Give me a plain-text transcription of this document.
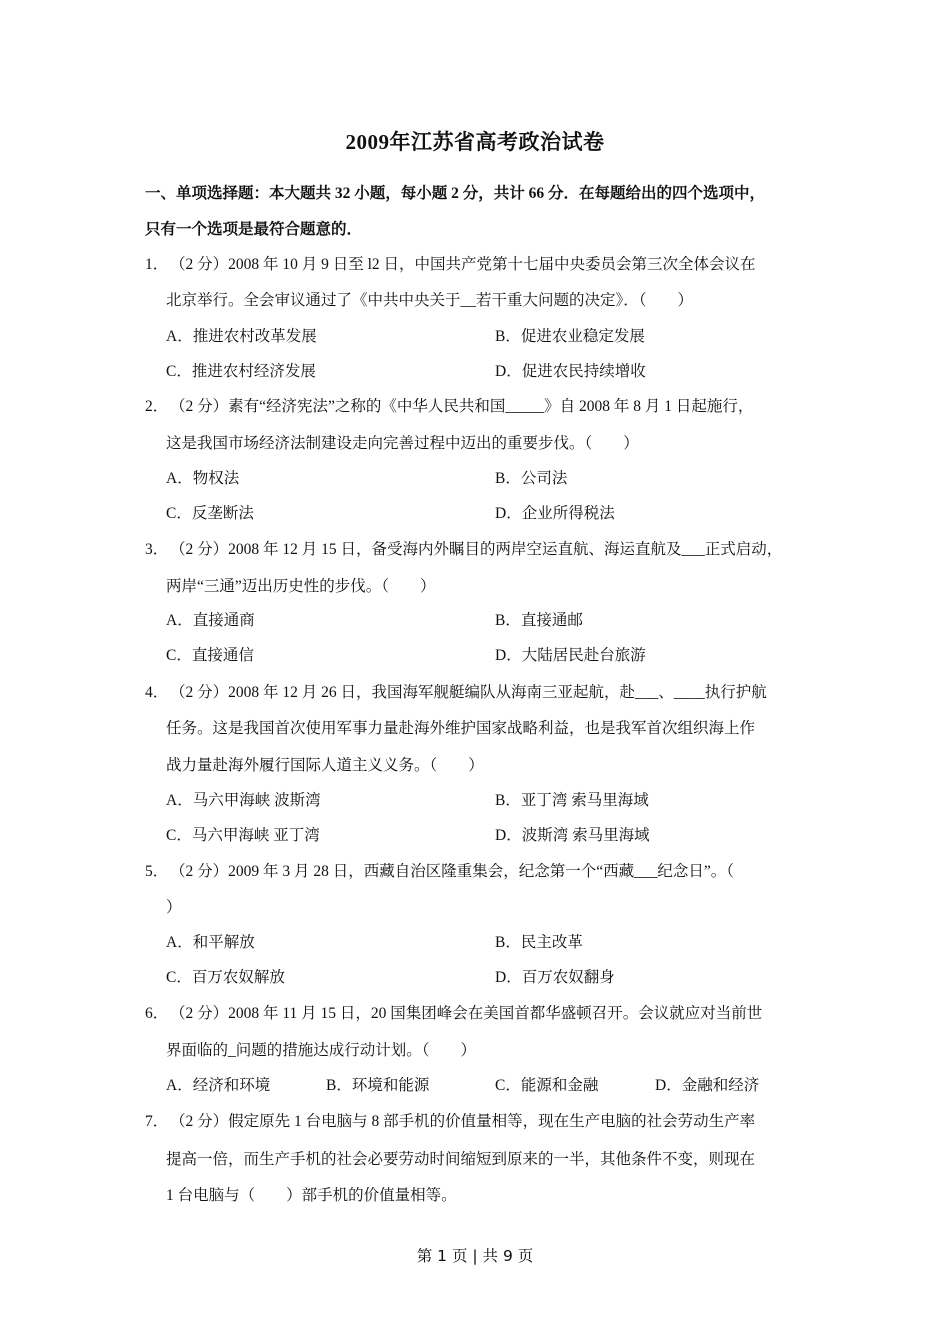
2009年江苏省高考政治试卷
一、单项选择题：本大题共 32 小题，每小题 2 分，共计 66 分．在每题给出的四个选项中，
只有一个选项是最符合题意的．
1． （2 分）2008 年 10 月 9 日至 l2 日，中国共产党第十七届中央委员会第三次全体会议在
北京举行。全会审议通过了《中共中央关于__若干重大问题的决定》．（　　）
A．推进农村改革发展	B．促进农业稳定发展
C．推进农村经济发展	D．促进农民持续增收
2． （2 分）素有“经济宪法”之称的《中华人民共和国_____》自 2008 年 8 月 1 日起施行，
这是我国市场经济法制建设走向完善过程中迈出的重要步伐。（　　）
A．物权法	B．公司法
C．反垄断法	D．企业所得税法
3． （2 分）2008 年 12 月 15 日，备受海内外瞩目的两岸空运直航、海运直航及___正式启动，
两岸“三通”迈出历史性的步伐。（　　）
A．直接通商	B．直接通邮
C．直接通信	D．大陆居民赴台旅游
4． （2 分）2008 年 12 月 26 日，我国海军舰艇编队从海南三亚起航，赴___、____执行护航
任务。这是我国首次使用军事力量赴海外维护国家战略利益，也是我军首次组织海上作
战力量赴海外履行国际人道主义义务。（　　）
A．马六甲海峡 波斯湾	B．亚丁湾 索马里海域
C．马六甲海峡 亚丁湾	D．波斯湾 索马里海域
5． （2 分）2009 年 3 月 28 日，西藏自治区隆重集会，纪念第一个“西藏___纪念日”。（
）
A．和平解放	B．民主改革
C．百万农奴解放	D．百万农奴翻身
6． （2 分）2008 年 11 月 15 日，20 国集团峰会在美国首都华盛顿召开。会议就应对当前世
界面临的_问题的措施达成行动计划。（　　）
A．经济和环境	B．环境和能源	C．能源和金融	D．金融和经济
7． （2 分）假定原先 1 台电脑与 8 部手机的价值量相等，现在生产电脑的社会劳动生产率
提高一倍，而生产手机的社会必要劳动时间缩短到原来的一半，其他条件不变，则现在
1 台电脑与（　　）部手机的价值量相等。
第 1 页 | 共 9 页
